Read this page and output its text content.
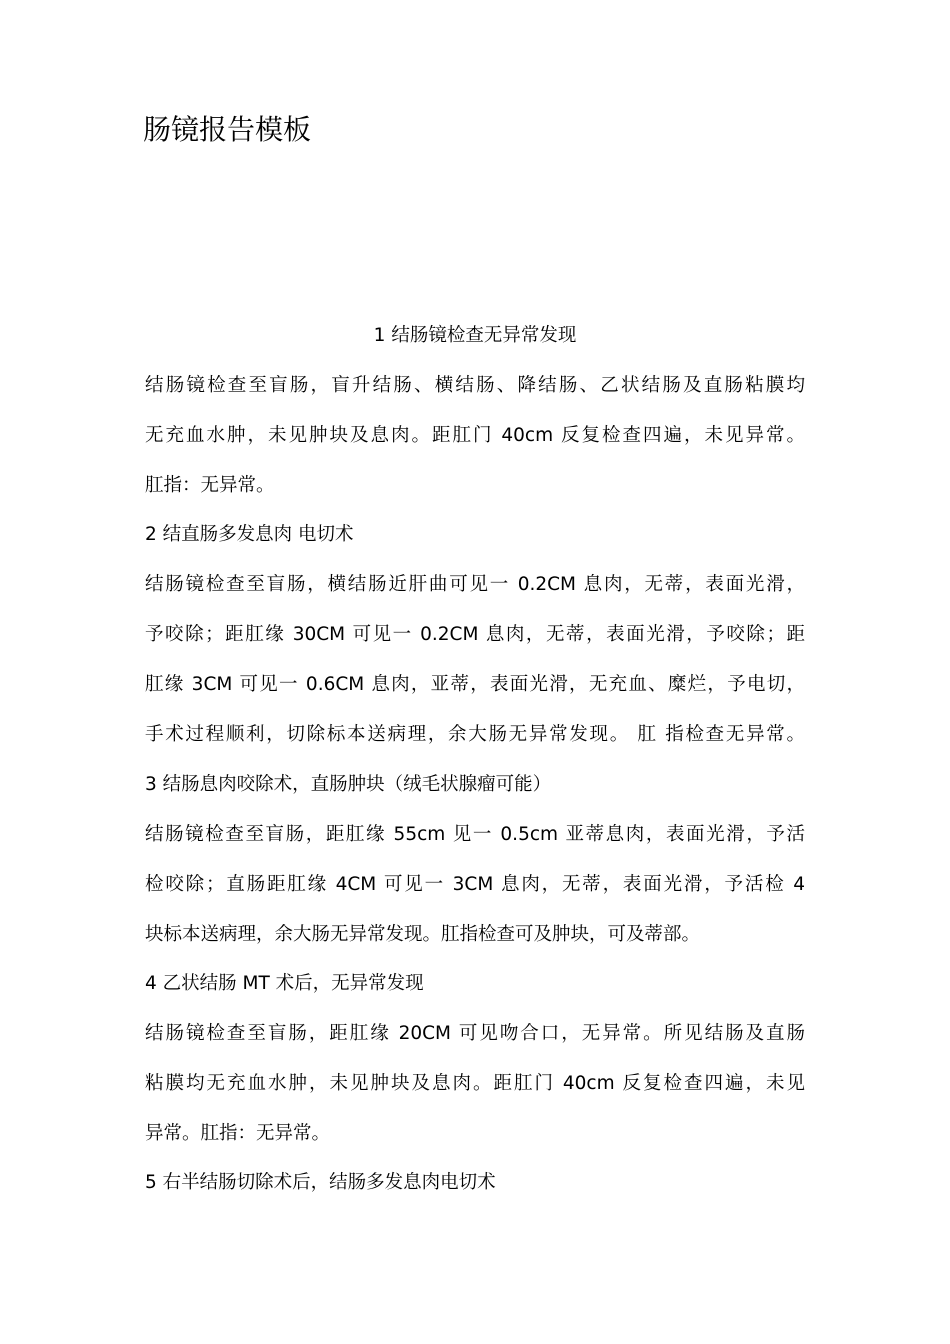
肠镜报告模板

1 结肠镜检查无异常发现

结肠镜检查至盲肠，盲升结肠、横结肠、降结肠、乙状结肠及直肠粘膜均

无充血水肿，未见肿块及息肉。距肛门 40cm 反复检查四遍，未见异常。

肛指：无异常。

2 结直肠多发息肉 电切术

结肠镜检查至盲肠，横结肠近肝曲可见一 0.2CM 息肉，无蒂，表面光滑，

予咬除；距肛缘 30CM 可见一 0.2CM 息肉，无蒂，表面光滑，予咬除；距

肛缘 3CM 可见一 0.6CM 息肉，亚蒂，表面光滑，无充血、糜烂，予电切，

手术过程顺利，切除标本送病理，余大肠无异常发现。 肛 指检查无异常。

3 结肠息肉咬除术，直肠肿块（绒毛状腺瘤可能）

结肠镜检查至盲肠，距肛缘 55cm 见一 0.5cm 亚蒂息肉，表面光滑，予活

检咬除；直肠距肛缘 4CM 可见一 3CM 息肉，无蒂，表面光滑，予活检 4

块标本送病理，余大肠无异常发现。肛指检查可及肿块，可及蒂部。

4 乙状结肠 MT 术后，无异常发现

结肠镜检查至盲肠，距肛缘 20CM 可见吻合口，无异常。所见结肠及直肠

粘膜均无充血水肿，未见肿块及息肉。距肛门 40cm 反复检查四遍，未见

异常。肛指：无异常。

5 右半结肠切除术后，结肠多发息肉电切术
